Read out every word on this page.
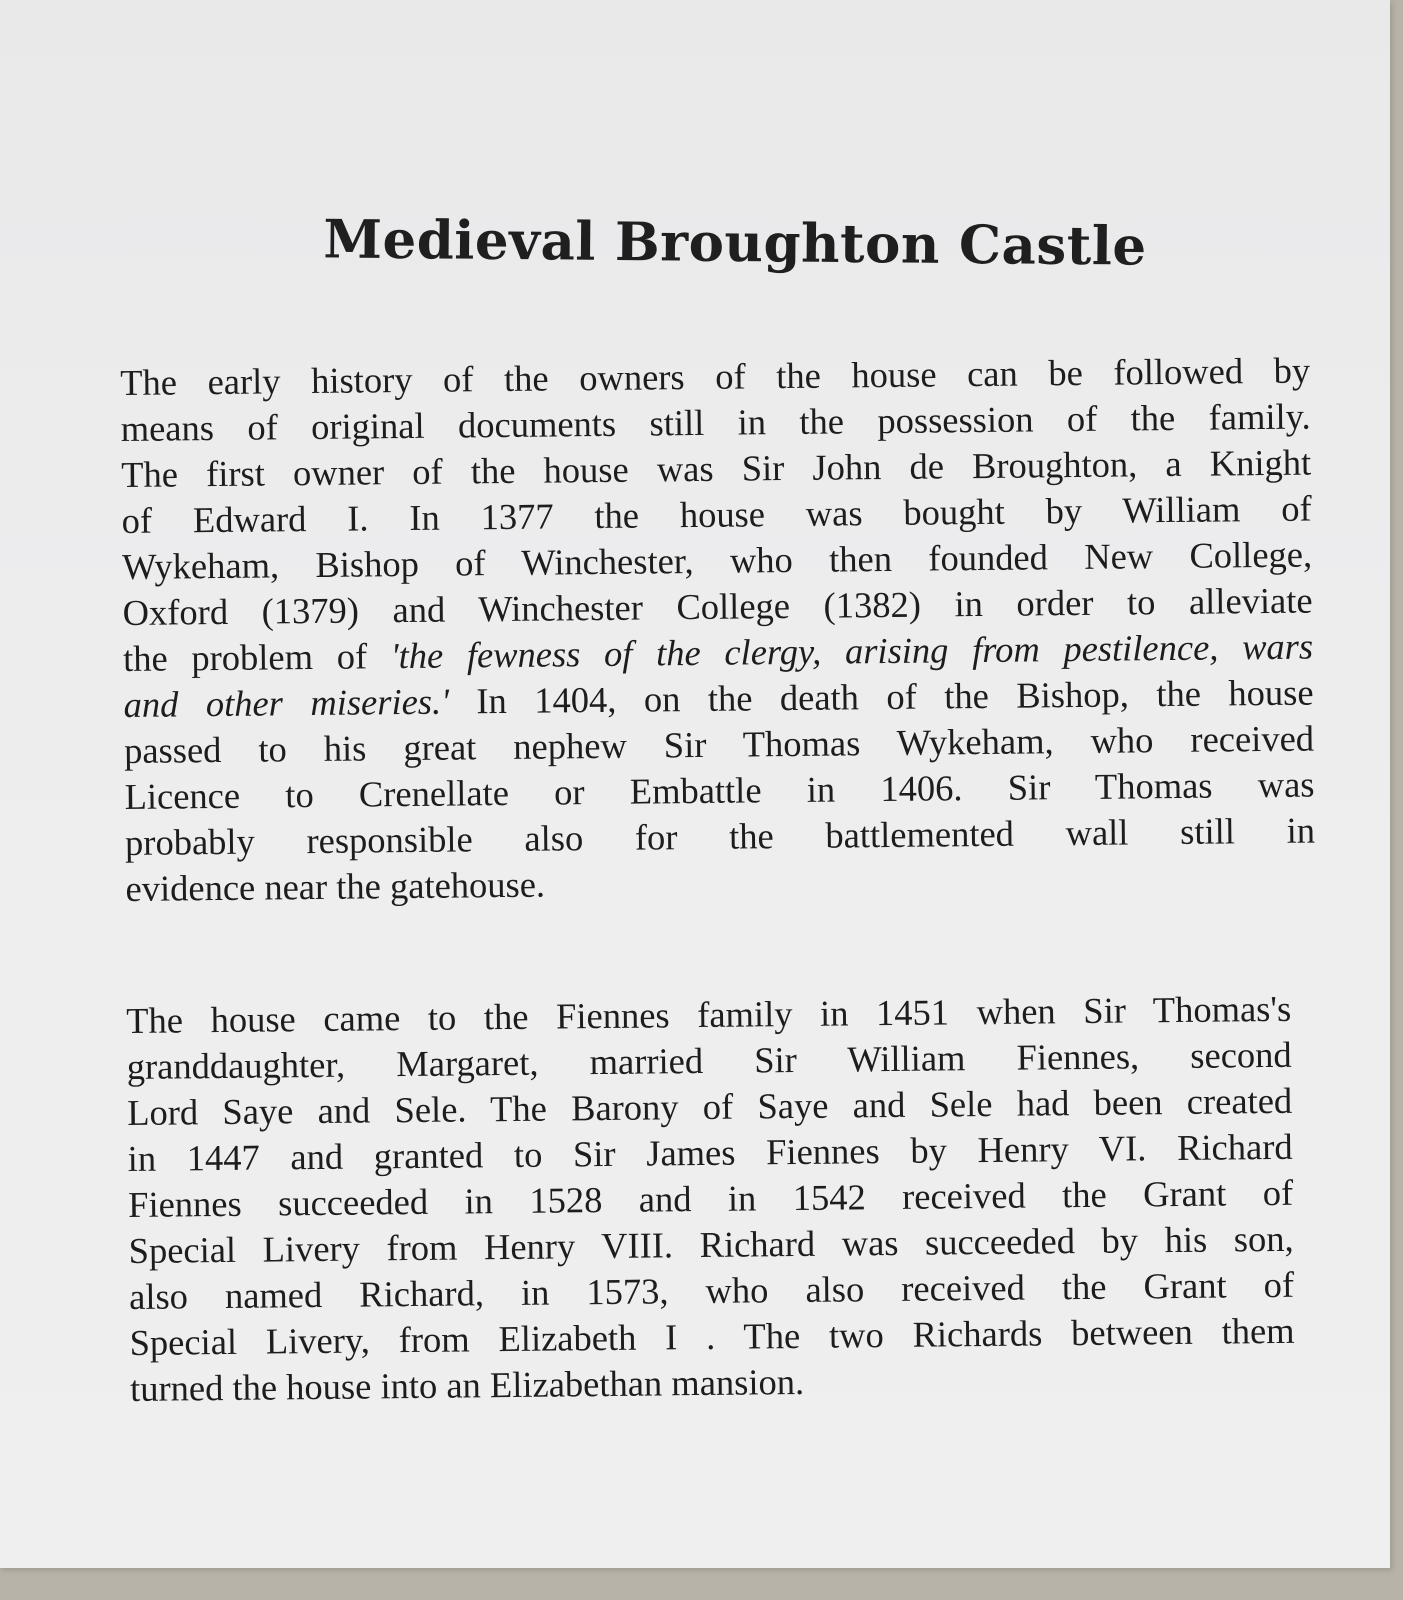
Medieval Broughton Castle
The early history of the owners of the house can be followed by
means of original documents still in the possession of the family.
The first owner of the house was Sir John de Broughton, a Knight
of Edward I. In 1377 the house was bought by William of
Wykeham, Bishop of Winchester, who then founded New College,
Oxford (1379) and Winchester College (1382) in order to alleviate
the problem of 'the fewness of the clergy, arising from pestilence, wars
and other miseries.' In 1404, on the death of the Bishop, the house
passed to his great nephew Sir Thomas Wykeham, who received
Licence to Crenellate or Embattle in 1406. Sir Thomas was
probably responsible also for the battlemented wall still in
evidence near the gatehouse.
The house came to the Fiennes family in 1451 when Sir Thomas's
granddaughter, Margaret, married Sir William Fiennes, second
Lord Saye and Sele. The Barony of Saye and Sele had been created
in 1447 and granted to Sir James Fiennes by Henry VI. Richard
Fiennes succeeded in 1528 and in 1542 received the Grant of
Special Livery from Henry VIII. Richard was succeeded by his son,
also named Richard, in 1573, who also received the Grant of
Special Livery, from Elizabeth I . The two Richards between them
turned the house into an Elizabethan mansion.
